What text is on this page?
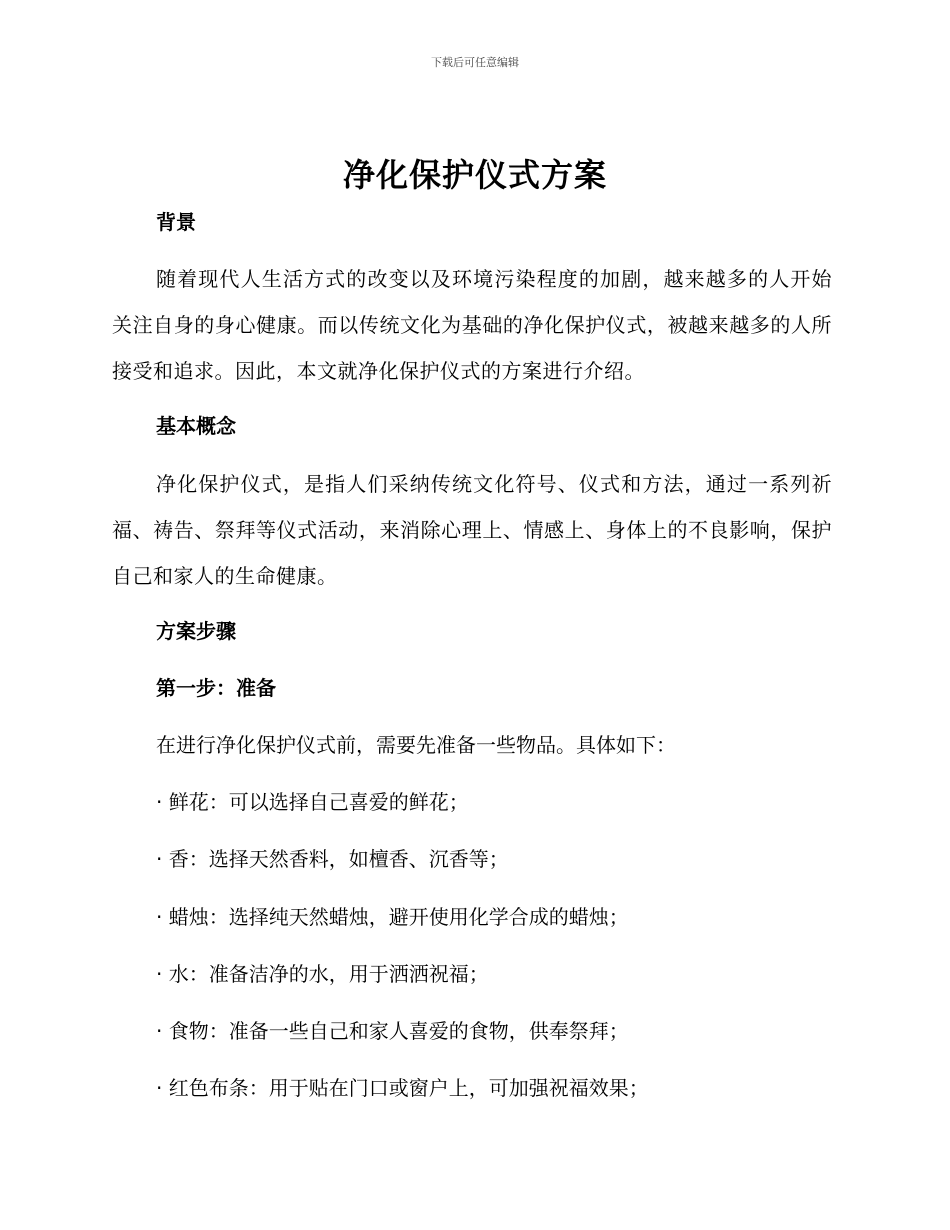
下载后可任意编辑
净化保护仪式方案
背景
随着现代人生活方式的改变以及环境污染程度的加剧，越来越多的人开始关注自身的身心健康。而以传统文化为基础的净化保护仪式，被越来越多的人所接受和追求。因此，本文就净化保护仪式的方案进行介绍。
基本概念
净化保护仪式，是指人们采纳传统文化符号、仪式和方法，通过一系列祈福、祷告、祭拜等仪式活动，来消除心理上、情感上、身体上的不良影响，保护自己和家人的生命健康。
方案步骤
第一步：准备
在进行净化保护仪式前，需要先准备一些物品。具体如下：
· 鲜花：可以选择自己喜爱的鲜花；
· 香：选择天然香料，如檀香、沉香等；
· 蜡烛：选择纯天然蜡烛，避开使用化学合成的蜡烛；
· 水：准备洁净的水，用于洒洒祝福；
· 食物：准备一些自己和家人喜爱的食物，供奉祭拜；
· 红色布条：用于贴在门口或窗户上，可加强祝福效果；
